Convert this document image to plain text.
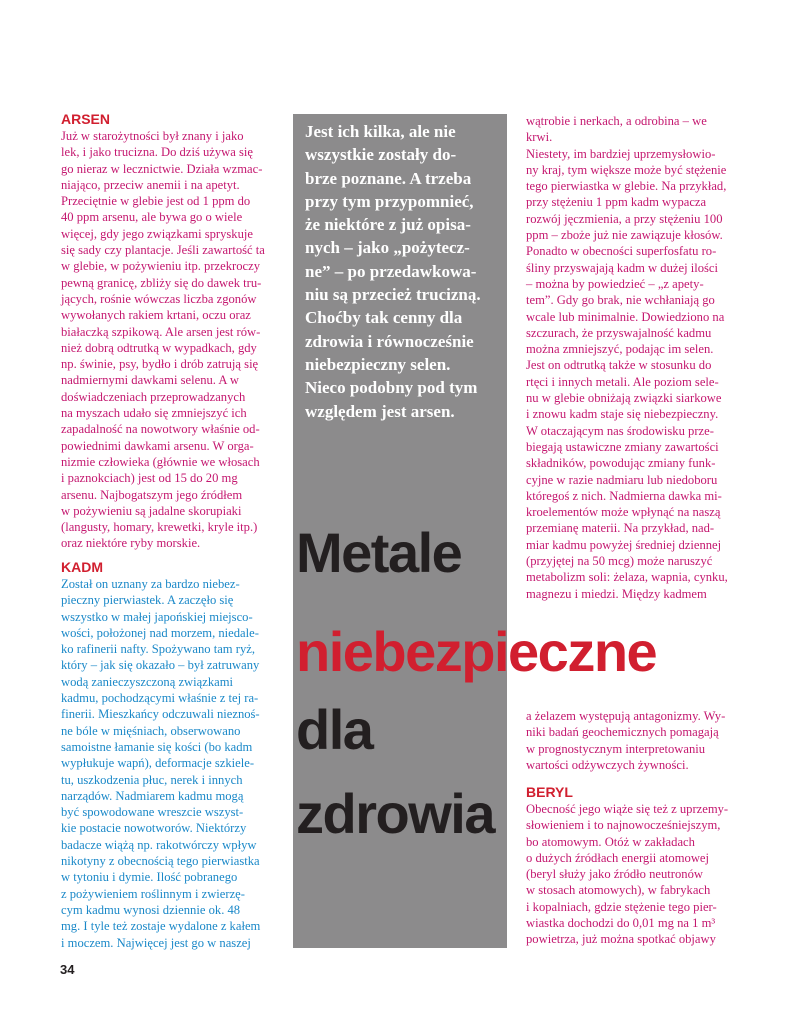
Jest ich kilka, ale nie
wszystkie zostały do-
brze poznane. A trzeba
przy tym przypomnieć,
że niektóre z już opisa-
nych – jako „pożytecz-
ne” – po przedawkowa-
niu są przecież trucizną.
Choćby tak cenny dla
zdrowia i równocześnie
niebezpieczny selen.
Nieco podobny pod tym
względem jest arsen.

ARSEN

Już w starożytności był znany i jako

lek, i jako trucizna. Do dziś używa się

go nieraz w lecznictwie. Działa wzmac-

niająco, przeciw anemii i na apetyt.

Przeciętnie w glebie jest od 1 ppm do

40 ppm arsenu, ale bywa go o wiele

więcej, gdy jego związkami spryskuje

się sady czy plantacje. Jeśli zawartość ta

w glebie, w pożywieniu itp. przekroczy

pewną granicę, zbliży się do dawek tru-

jących, rośnie wówczas liczba zgonów

wywołanych rakiem krtani, oczu oraz

białaczką szpikową. Ale arsen jest rów-

nież dobrą odtrutką w wypadkach, gdy

np. świnie, psy, bydło i drób zatrują się

nadmiernymi dawkami selenu. A w

doświadczeniach przeprowadzanych

na myszach udało się zmniejszyć ich

zapadalność na nowotwory właśnie od-

powiednimi dawkami arsenu. W orga-

nizmie człowieka (głównie we włosach

i paznokciach) jest od 15 do 20 mg

arsenu. Najbogatszym jego źródłem

w pożywieniu są jadalne skorupiaki

(langusty, homary, krewetki, kryle itp.)

oraz niektóre ryby morskie.

KADM

Został on uznany za bardzo niebez-

pieczny pierwiastek. A zaczęło się

wszystko w małej japońskiej miejsco-

wości, położonej nad morzem, niedale-

ko rafinerii nafty. Spożywano tam ryż,

który – jak się okazało – był zatruwany

wodą zanieczyszczoną związkami

kadmu, pochodzącymi właśnie z tej ra-

finerii. Mieszkańcy odczuwali nieznoś-

ne bóle w mięśniach, obserwowano

samoistne łamanie się kości (bo kadm

wypłukuje wapń), deformacje szkiele-

tu, uszkodzenia płuc, nerek i innych

narządów. Nadmiarem kadmu mogą

być spowodowane wreszcie wszyst-

kie postacie nowotworów. Niektórzy

badacze wiążą np. rakotwórczy wpływ

nikotyny z obecnością tego pierwiastka

w tytoniu i dymie. Ilość pobranego

z pożywieniem roślinnym i zwierzę-

cym kadmu wynosi dziennie ok. 48

mg. I tyle też zostaje wydalone z kałem

i moczem. Najwięcej jest go w naszej

wątrobie i nerkach, a odrobina – we

krwi.

Niestety, im bardziej uprzemysłowio-

ny kraj, tym większe może być stężenie

tego pierwiastka w glebie. Na przykład,

przy stężeniu 1 ppm kadm wypacza

rozwój jęczmienia, a przy stężeniu 100

ppm – zboże już nie zawiązuje kłosów.

Ponadto w obecności superfosfatu ro-

śliny przyswajają kadm w dużej ilości

– można by powiedzieć – „z apety-

tem”. Gdy go brak, nie wchłaniają go

wcale lub minimalnie. Dowiedziono na

szczurach, że przyswajalność kadmu

można zmniejszyć, podając im selen.

Jest on odtrutką także w stosunku do

rtęci i innych metali. Ale poziom sele-

nu w glebie obniżają związki siarkowe

i znowu kadm staje się niebezpieczny.

W otaczającym nas środowisku prze-

biegają ustawiczne zmiany zawartości

składników, powodując zmiany funk-

cyjne w razie nadmiaru lub niedoboru

któregoś z nich. Nadmierna dawka mi-

kroelementów może wpłynąć na naszą

przemianę materii. Na przykład, nad-

miar kadmu powyżej średniej dziennej

(przyjętej na 50 mcg) może naruszyć

metabolizm soli: żelaza, wapnia, cynku,

magnezu i miedzi. Między kadmem

a żelazem występują antagonizmy. Wy-

niki badań geochemicznych pomagają

w prognostycznym interpretowaniu

wartości odżywczych żywności.

BERYL

Obecność jego wiąże się też z uprzemy-

słowieniem i to najnowocześniejszym,

bo atomowym. Otóż w zakładach

o dużych źródłach energii atomowej

(beryl służy jako źródło neutronów

w stosach atomowych), w fabrykach

i kopalniach, gdzie stężenie tego pier-

wiastka dochodzi do 0,01 mg na 1 m³

powietrza, już można spotkać objawy

Metale
niebezpieczne
dla
zdrowia
34
